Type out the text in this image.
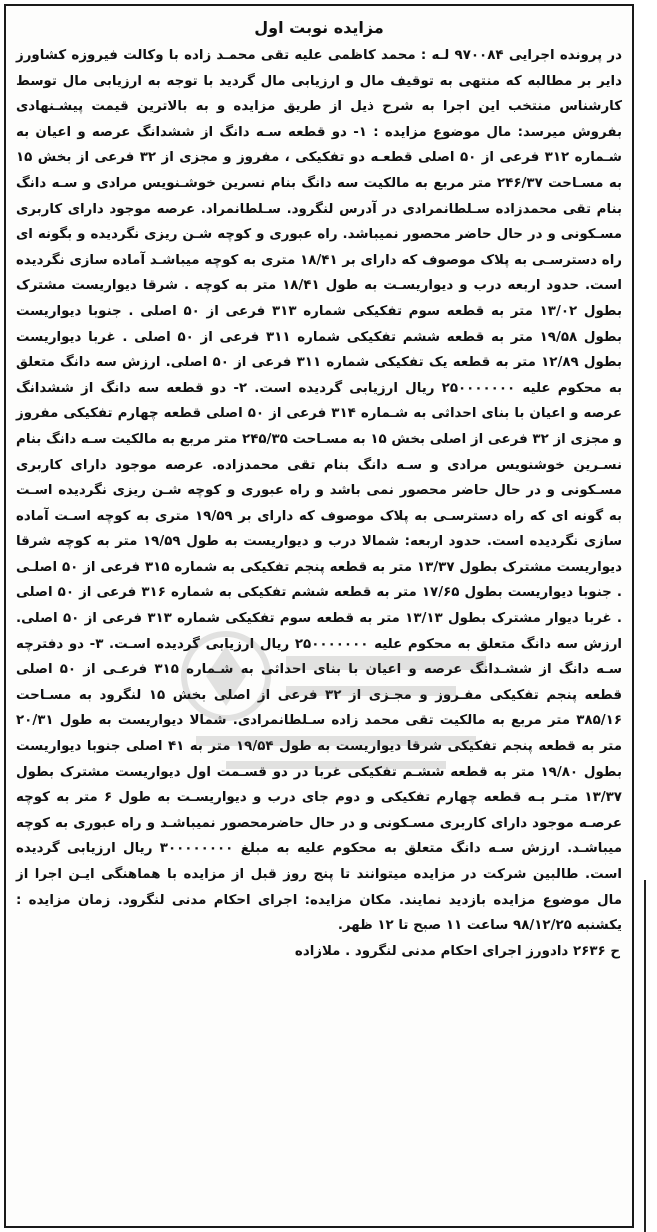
مزایده نوبت اول

در پرونده اجرایی ۹۷۰۰۸۴ لـه : محمد کاظمی علیه تقی محمـد زاده با وکالت فیروزه کشاورز دایر بر مطالبه که منتهی به توقیف مال و ارزیابی مال گردید با توجه به ارزیابی مال توسط کارشناس منتخب این اجرا به شرح ذیل از طریق مزایده و به بالاترین قیمت پیشـنهادی بفروش میرسد: مال موضوع مزایده : ۱- دو قطعه سـه دانگ از ششدانگ عرصه و اعیان به شـماره ۳۱۲ فرعی از ۵۰ اصلی قطعـه دو تفکیکی ، مفروز و مجزی از ۳۲ فرعی از بخش ۱۵ به مسـاحت ۲۴۶/۳۷ متر مربع به مالکیت سه دانگ بنام نسرین خوشـنویس مرادی و سـه دانگ بنام تقی محمدزاده سـلطانمرادی در آدرس لنگرود. سـلطانمراد. عرصه موجود دارای کاربری مسـکونی و در حال حاضر محصور نمیباشد. راه عبوری و کوچه شـن ریزی نگردیده و بگونه ای راه دسترسـی به پلاک موصوف که دارای بر ۱۸/۴۱ متری به کوچه میباشـد آماده سازی نگردیده است. حدود اربعه درب و دیواریسـت به طول ۱۸/۴۱ متر به کوچه . شرقا دیواریست مشترک بطول ۱۳/۰۲ متر به قطعه سوم تفکیکی شماره ۳۱۳ فرعی از ۵۰ اصلی . جنوبا دیواریست بطول ۱۹/۵۸ متر به قطعه ششم تفکیکی شماره ۳۱۱ فرعی از ۵۰ اصلی . غربا دیواریست بطول ۱۲/۸۹ متر به قطعه یک تفکیکی شماره ۳۱۱ فرعی از ۵۰ اصلی. ارزش سه دانگ متعلق به محکوم علیه ۲۵۰۰۰۰۰۰۰ ریال ارزیابی گردیده است. ۲- دو قطعه سه دانگ از ششدانگ عرصه و اعیان با بنای احداثی به شـماره ۳۱۴ فرعی از ۵۰ اصلی قطعه چهارم تفکیکی مفروز و مجزی از ۳۲ فرعی از اصلی بخش ۱۵ به مسـاحت ۲۴۵/۳۵ متر مربع به مالکیت سـه دانگ بنام نسـرین خوشنویس مرادی و سـه دانگ بنام تقی محمدزاده. عرصه موجود دارای کاربری مسـکونی و در حال حاضر محصور نمی باشد و راه عبوری و کوچه شـن ریزی نگردیده اسـت به گونه ای که راه دسترسـی به پلاک موصوف که دارای بر ۱۹/۵۹ متری به کوچه اسـت آماده سازی نگردیده است. حدود اربعه: شمالا درب و دیواریست به طول ۱۹/۵۹ متر به کوچه شرقا دیواریست مشترک بطول ۱۳/۳۷ متر به قطعه پنجم تفکیکی به شماره ۳۱۵ فرعی از ۵۰ اصلـی . جنوبا دیواریست بطول ۱۷/۶۵ متر به قطعه ششم تفکیکی به شماره ۳۱۶ فرعی از ۵۰ اصلی . غربا دیوار مشترک بطول ۱۳/۱۳ متر به قطعه سوم تفکیکی شماره ۳۱۳ فرعی از ۵۰ اصلی. ارزش سه دانگ متعلق به محکوم علیه ۲۵۰۰۰۰۰۰۰ ریال ارزیابی گردیده اسـت. ۳- دو دفترچه سـه دانگ از ششـدانگ عرصه و اعیان با بنای احداثی به شـماره ۳۱۵ فرعـی از ۵۰ اصلی قطعه پنجم تفکیکی مفـروز و مجـزی از ۳۲ فرعی از اصلی بخش ۱۵ لنگرود به مسـاحت ۳۸۵/۱۶ متر مربع به مالکیت تقی محمد زاده سـلطانمرادی. شمالا دیواریست به طول ۲۰/۳۱ متر به قطعه پنجم تفکیکی شرقا دیواریست به طول ۱۹/۵۴ متر به ۴۱ اصلی جنوبا دیواریست بطول ۱۹/۸۰ متر به قطعه ششـم تفکیکی غربا در دو قسـمت اول دیواریست مشترک بطول ۱۳/۳۷ متـر بـه قطعه چهارم تفکیکی و دوم جای درب و دیواریسـت به طول ۶ متر به کوچه عرصـه موجود دارای کاربری مسـکونی و در حال حاضرمحصور نمیباشـد و راه عبوری به کوچه میباشـد. ارزش سـه دانگ متعلق به محکوم علیه به مبلغ ۳۰۰۰۰۰۰۰۰ ریال ارزیابی گردیده است. طالبین شرکت در مزایده میتوانند تا پنج روز قبل از مزایده با هماهنگی ایـن اجرا از مال موضوع مزایده بازدید نمایند. مکان مزایده: اجرای احکام مدنی لنگرود. زمان مزایده : یکشنبه ۹۸/۱۲/۲۵ ساعت ۱۱ صبح تا ۱۲ ظهر.

ح ۲۶۳۶ دادورز اجرای احکام مدنی لنگرود . ملازاده
